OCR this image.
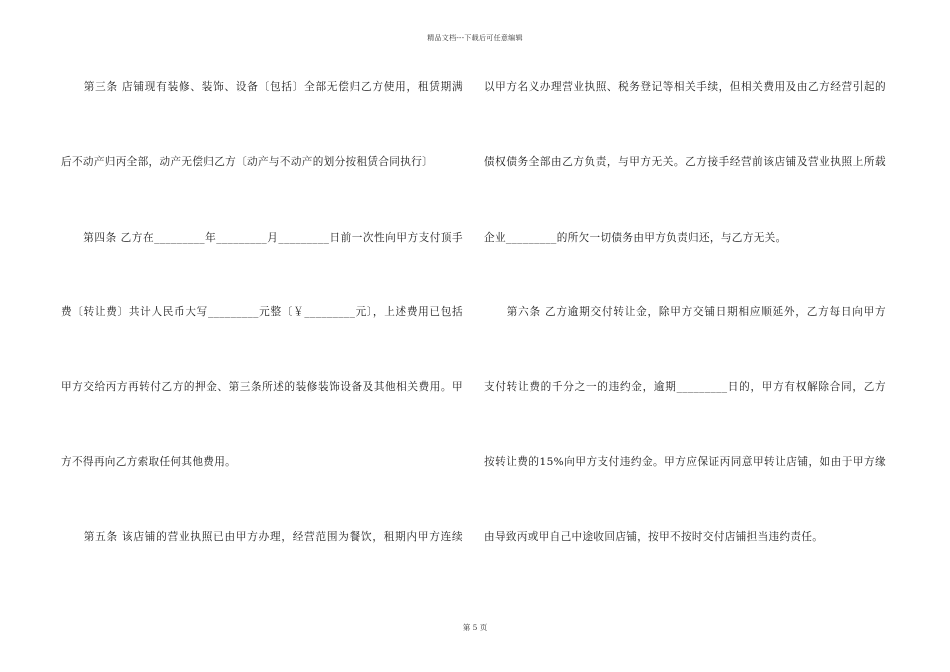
精品文档---下载后可任意编辑
　　第三条 店铺现有装修、装饰、设备〔包括〕全部无偿归乙方使用，租赁期满
后不动产归丙全部，动产无偿归乙方〔动产与不动产的划分按租赁合同执行〕
　　第四条 乙方在_________年_________月_________日前一次性向甲方支付顶手
费〔转让费〕共计人民币大写_________元整〔￥_________元〕，上述费用已包括
甲方交给丙方再转付乙方的押金、第三条所述的装修装饰设备及其他相关费用。甲
方不得再向乙方索取任何其他费用。
　　第五条 该店铺的营业执照已由甲方办理，经营范围为餐饮，租期内甲方连续
以甲方名义办理营业执照、税务登记等相关手续，但相关费用及由乙方经营引起的
债权债务全部由乙方负责，与甲方无关。乙方接手经营前该店铺及营业执照上所载
企业_________的所欠一切债务由甲方负责归还，与乙方无关。
　　第六条 乙方逾期交付转让金，除甲方交铺日期相应顺延外，乙方每日向甲方
支付转让费的千分之一的违约金，逾期_________日的，甲方有权解除合同，乙方
按转让费的15%向甲方支付违约金。甲方应保证丙同意甲转让店铺，如由于甲方缘
由导致丙或甲自己中途收回店铺，按甲不按时交付店铺担当违约责任。
第 5 页
